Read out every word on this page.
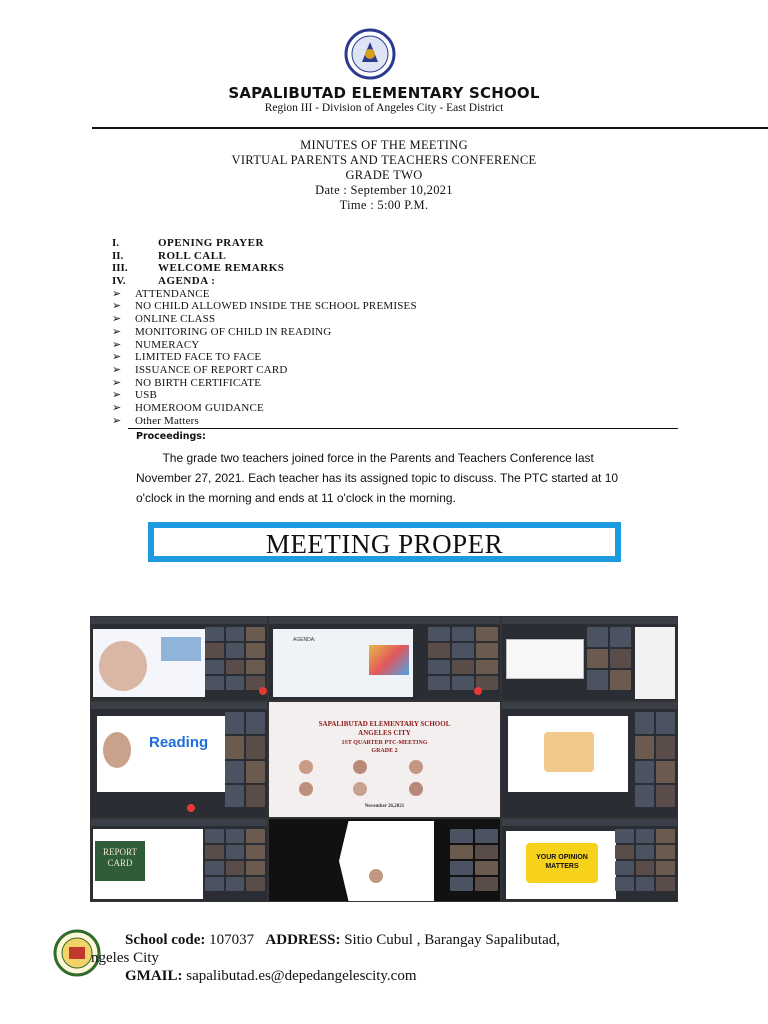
SAPALIBUTAD ELEMENTARY SCHOOL
Region III - Division of Angeles City - East District
MINUTES OF THE MEETING
VIRTUAL PARENTS AND TEACHERS CONFERENCE
GRADE TWO
Date : September 10,2021
Time : 5:00 P.M.
I.	OPENING PRAYER
II.	ROLL CALL
III.	WELCOME REMARKS
IV.	AGENDA :
➢ ATTENDANCE
➢ NO CHILD ALLOWED INSIDE THE SCHOOL PREMISES
➢ ONLINE CLASS
➢ MONITORING OF CHILD IN READING
➢ NUMERACY
➢ LIMITED FACE TO FACE
➢ ISSUANCE OF REPORT CARD
➢ NO BIRTH CERTIFICATE
➢ USB
➢ HOMEROOM GUIDANCE
➢ Other Matters
Proceedings:
The grade two teachers joined force in the Parents and Teachers Conference last
November 27, 2021. Each teacher has its assigned topic to discuss. The PTC started at 10
o'clock in the morning and ends at 11 o'clock in the morning.
MEETING PROPER
AGENDA:
Reading
SAPALIBUTAD ELEMENTARY SCHOOL
ANGELES CITY
1ST QUARTER PTC-MEETING
GRADE 2
November 26,2021
REPORT CARD
YOUR OPINION MATTERS
School code: 107037   ADDRESS: Sitio Cubul , Barangay Sapalibutad,
ngeles City
GMAIL: sapalibutad.es@depedangelescity.com
